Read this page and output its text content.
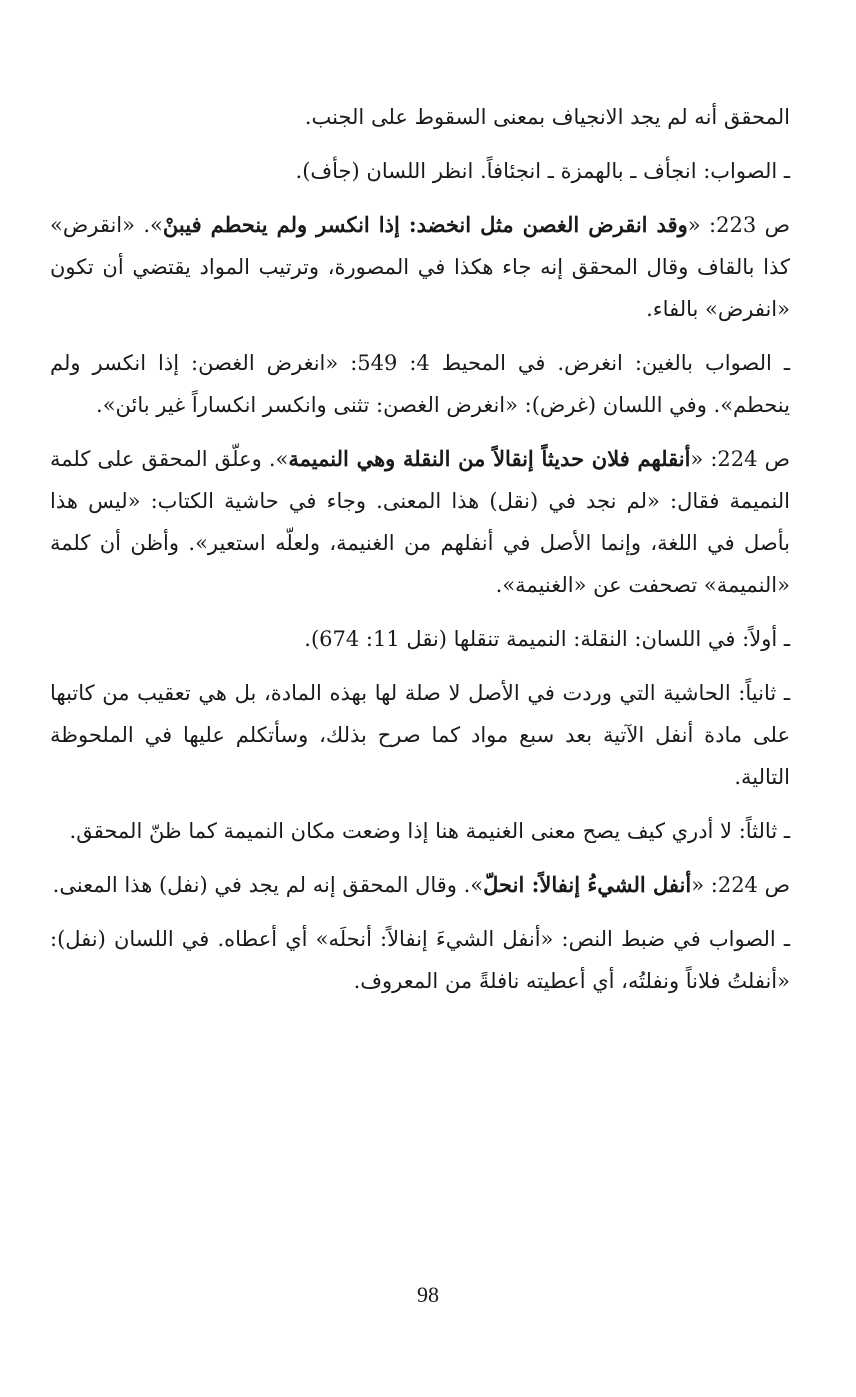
المحقق أنه لم يجد الانجياف بمعنى السقوط على الجنب.

ـ الصواب: انجأف ـ بالهمزة ـ انجئافاً. انظر اللسان (جأف).

ص 223: «وقد انقرض الغصن مثل انخضد: إذا انكسر ولم ينحطم فيبنْ». «انقرض» كذا بالقاف وقال المحقق إنه جاء هكذا في المصورة، وترتيب المواد يقتضي أن تكون «انفرض» بالفاء.

ـ الصواب بالغين: انغرض. في المحيط 4: 549: «انغرض الغصن: إذا انكسر ولم ينحطم». وفي اللسان (غرض): «انغرض الغصن: تثنى وانكسر انكساراً غير بائن».

ص 224: «أنقلهم فلان حديثاً إنقالاً من النقلة وهي النميمة». وعلّق المحقق على كلمة النميمة فقال: «لم نجد في (نقل) هذا المعنى. وجاء في حاشية الكتاب: «ليس هذا بأصل في اللغة، وإنما الأصل في أنفلهم من الغنيمة، ولعلّه استعير». وأظن أن كلمة «النميمة» تصحفت عن «الغنيمة».

ـ أولاً: في اللسان: النقلة: النميمة تنقلها (نقل 11: 674).

ـ ثانياً: الحاشية التي وردت في الأصل لا صلة لها بهذه المادة، بل هي تعقيب من كاتبها على مادة أنفل الآتية بعد سبع مواد كما صرح بذلك، وسأتكلم عليها في الملحوظة التالية.

ـ ثالثاً: لا أدري كيف يصح معنى الغنيمة هنا إذا وضعت مكان النميمة كما ظنّ المحقق.

ص 224: «أنفل الشيءُ إنفالاً: انحلّ». وقال المحقق إنه لم يجد في (نفل) هذا المعنى.

ـ الصواب في ضبط النص: «أنفل الشيءَ إنفالاً: أنحلَه» أي أعطاه. في اللسان (نفل): «أنفلتُ فلاناً ونفلتُه، أي أعطيته نافلةً من المعروف.

98
